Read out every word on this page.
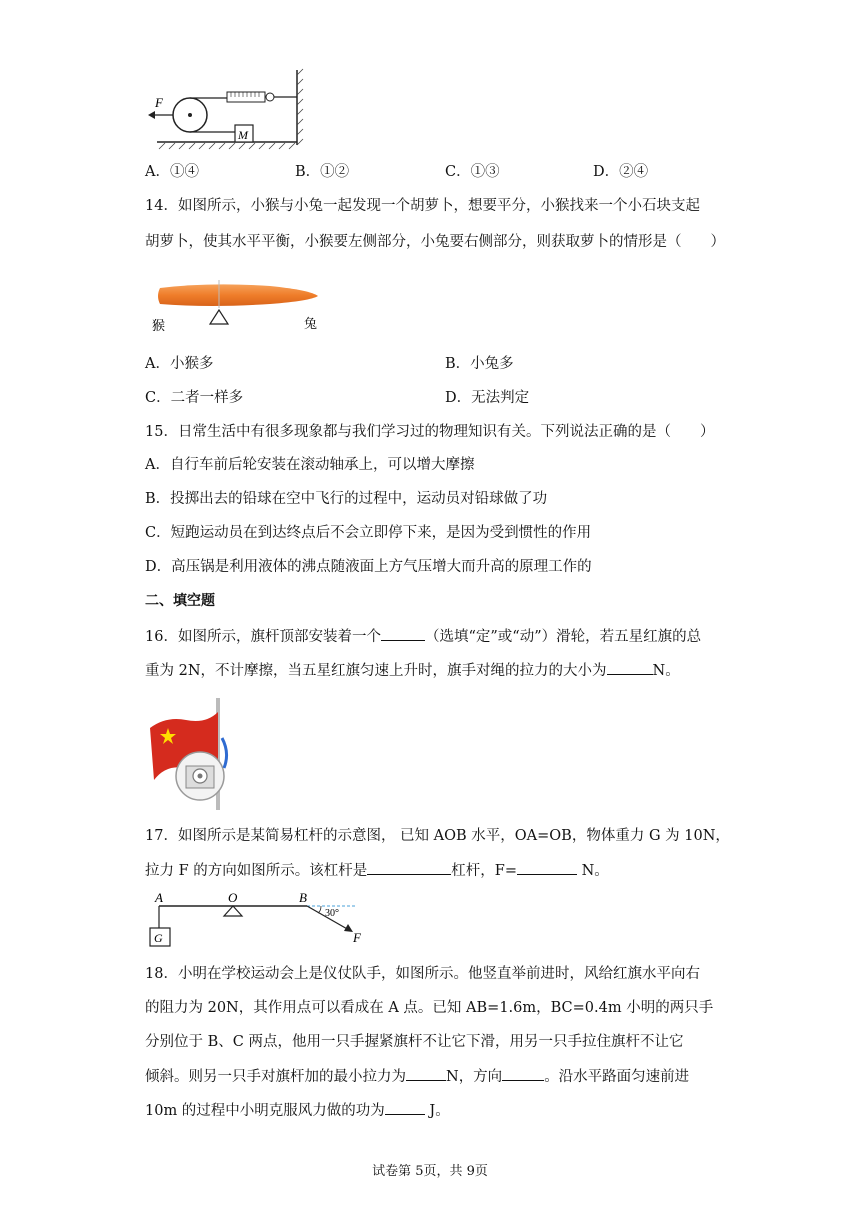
M
F
A．①④	B．①②	C．①③	D．②④
14．如图所示，小猴与小兔一起发现一个胡萝卜，想要平分，小猴找来一个小石块支起
胡萝卜，使其水平平衡，小猴要左侧部分，小兔要右侧部分，则获取萝卜的情形是（　　）
猴	兔
A．小猴多	B．小兔多
C．二者一样多	D．无法判定
15．日常生活中有很多现象都与我们学习过的物理知识有关。下列说法正确的是（　　）
A．自行车前后轮安装在滚动轴承上，可以增大摩擦
B．投掷出去的铅球在空中飞行的过程中，运动员对铅球做了功
C．短跑运动员在到达终点后不会立即停下来，是因为受到惯性的作用
D．高压锅是利用液体的沸点随液面上方气压增大而升高的原理工作的
二、填空题
16．如图所示，旗杆顶部安装着一个	（选填“定”或“动”）滑轮，若五星红旗的总
重为 2N，不计摩擦，当五星红旗匀速上升时，旗手对绳的拉力的大小为	N。
17．如图所示是某简易杠杆的示意图， 已知 AOB 水平，OA=OB，物体重力 G 为 10N，
拉力 F 的方向如图所示。该杠杆是	杠杆，F=	N。
A	O	B
G
30°
F
18．小明在学校运动会上是仪仗队手，如图所示。他竖直举前进时，风给红旗水平向右
的阻力为 20N，其作用点可以看成在 A 点。已知 AB=1.6m，BC=0.4m 小明的两只手
分别位于 B、C 两点，他用一只手握紧旗杆不让它下滑，用另一只手拉住旗杆不让它
倾斜。则另一只手对旗杆加的最小拉力为	N，方向	。沿水平路面匀速前进
10m 的过程中小明克服风力做的功为	J。
试卷第 5页，共 9页
